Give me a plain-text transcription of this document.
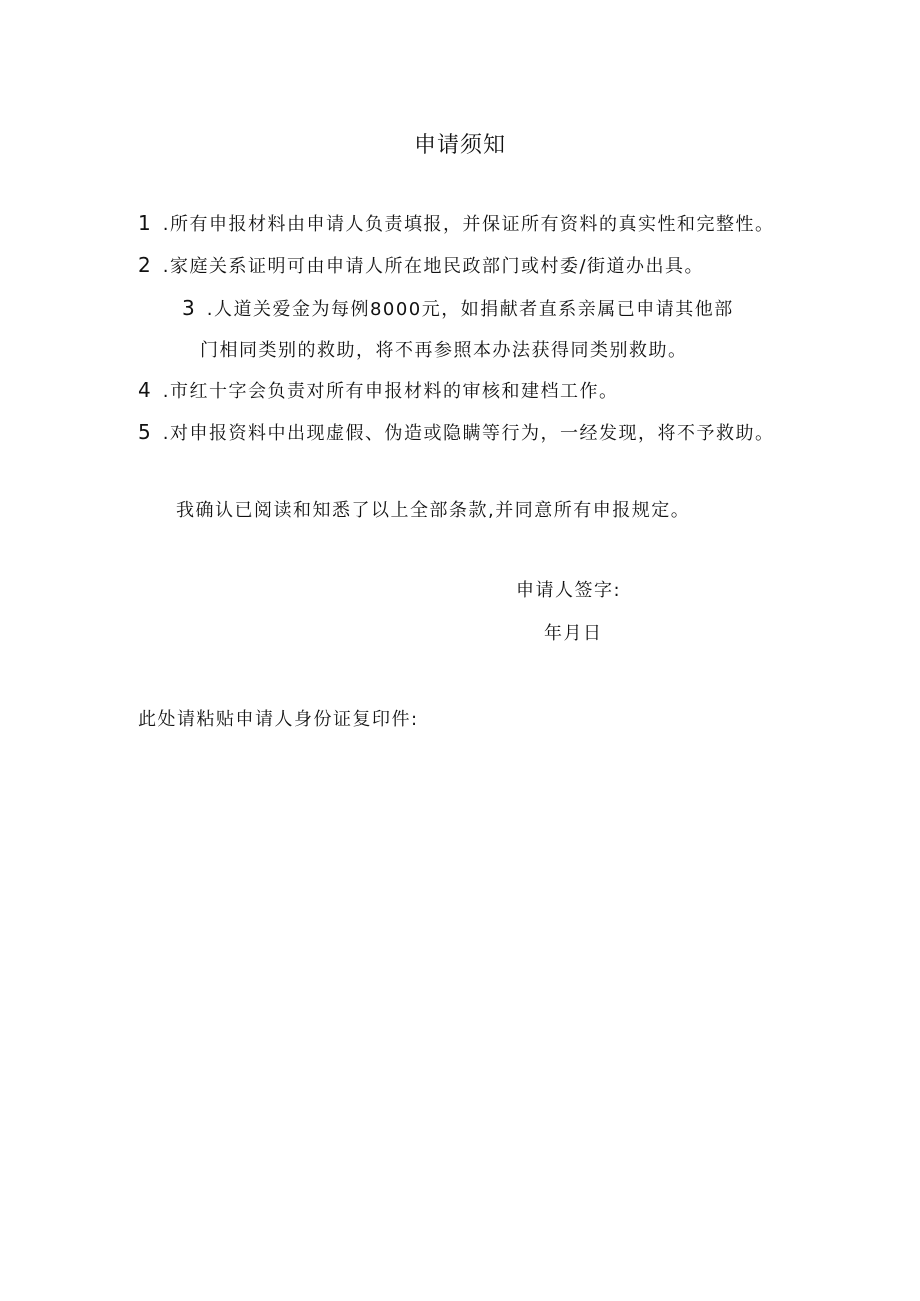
申请须知
1 .所有申报材料由申请人负责填报，并保证所有资料的真实性和完整性。
2 .家庭关系证明可由申请人所在地民政部门或村委/街道办出具。
3 .人道关爱金为每例8000元，如捐献者直系亲属已申请其他部
门相同类别的救助，将不再参照本办法获得同类别救助。
4 .市红十字会负责对所有申报材料的审核和建档工作。
5 .对申报资料中出现虚假、伪造或隐瞒等行为，一经发现，将不予救助。
我确认已阅读和知悉了以上全部条款,并同意所有申报规定。
申请人签字:
年月日
此处请粘贴申请人身份证复印件:
